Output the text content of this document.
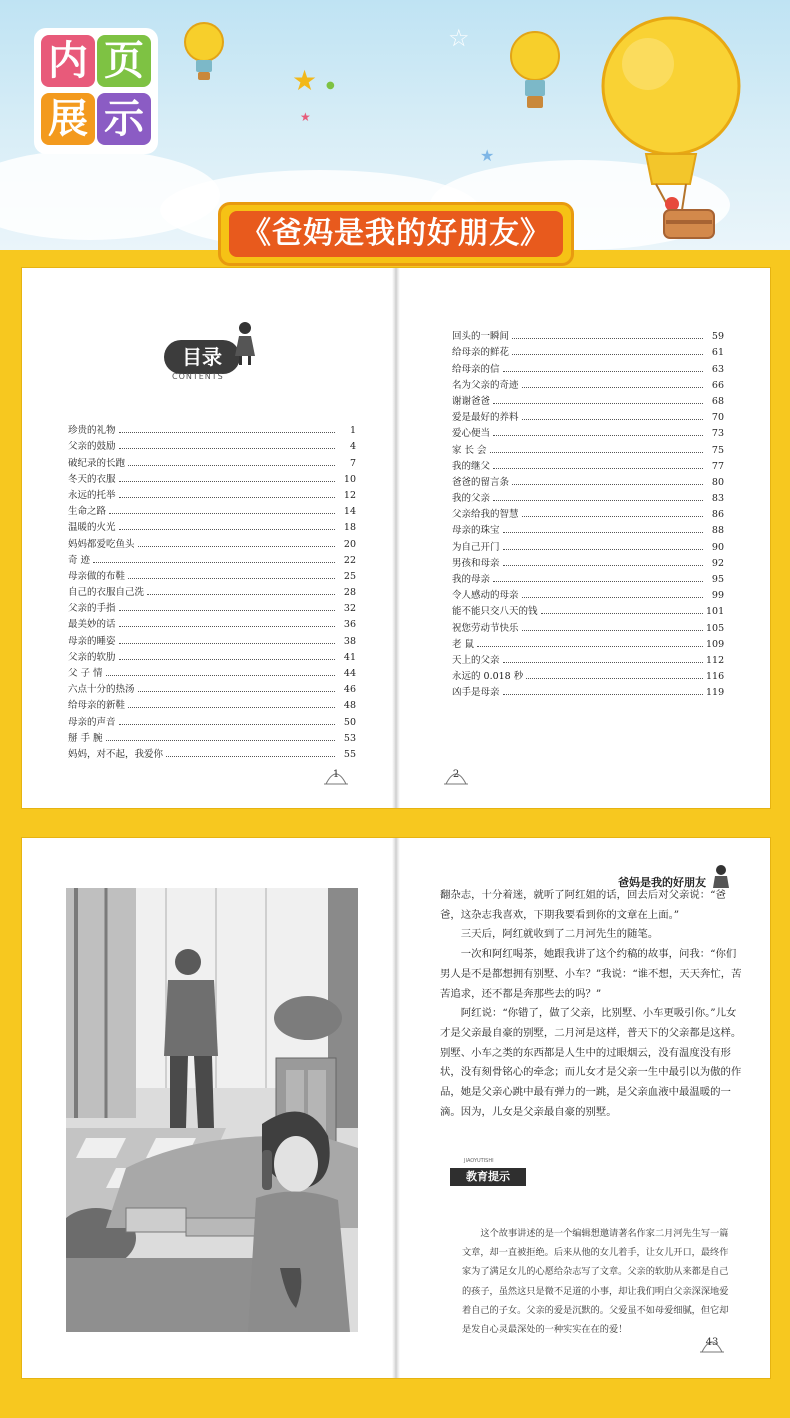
内 页
展 示
★
☆
★
★
●
《爸妈是我的好朋友》
目录
CONTENTS
珍贵的礼物	1
父亲的鼓励	4
破纪录的长跑	7
冬天的衣服	10
永远的托举	12
生命之路	14
温暖的火光	18
妈妈都爱吃鱼头	20
奇 迹	22
母亲做的布鞋	25
自己的衣服自己洗	28
父亲的手指	32
最美妙的话	36
母亲的睡姿	38
父亲的软肋	41
父 子 情	44
六点十分的热汤	46
给母亲的新鞋	48
母亲的声音	50
掰 手 腕	53
妈妈，对不起，我爱你	55
回头的一瞬间	59
给母亲的鲜花	61
给母亲的信	63
名为父亲的奇迹	66
谢谢爸爸	68
爱是最好的养料	70
爱心便当	73
家 长 会	75
我的继父	77
爸爸的留言条	80
我的父亲	83
父亲给我的智慧	86
母亲的珠宝	88
为自己开门	90
男孩和母亲	92
我的母亲	95
令人感动的母亲	99
能不能只交八天的钱	101
祝您劳动节快乐	105
老 鼠	109
天上的父亲	112
永远的 0.018 秒	116
凶手是母亲	119
1	2
爸妈是我的好朋友

翻杂志，十分着迷，就听了阿红姐的话，回去后对父亲说：“爸爸，这杂志我喜欢，下期我要看到你的文章在上面。”

三天后，阿红就收到了二月河先生的随笔。

一次和阿红喝茶，她跟我讲了这个约稿的故事，问我：“你们男人是不是都想拥有别墅、小车？”我说：“谁不想，天天奔忙，苦苦追求，还不都是奔那些去的吗？”

阿红说：“你错了，做了父亲，比别墅、小车更吸引你。”儿女才是父亲最自豪的别墅，二月河是这样，普天下的父亲都是这样。别墅、小车之类的东西都是人生中的过眼烟云，没有温度没有形状，没有刻骨铭心的牵念；而儿女才是父亲一生中最引以为傲的作品，她是父亲心跳中最有弹力的一跳，是父亲血液中最温暖的一滴。因为，儿女是父亲最自豪的别墅。

JIAOYUTISHI
教育提示

这个故事讲述的是一个编辑想邀请著名作家二月河先生写一篇文章，却一直被拒绝。后来从他的女儿着手，让女儿开口，最终作家为了满足女儿的心愿给杂志写了文章。父亲的软肋从来都是自己的孩子，虽然这只是微不足道的小事，却让我们明白父亲深深地爱着自己的子女。父亲的爱是沉默的。父爱虽不如母爱细腻，但它却是发自心灵最深处的一种实实在在的爱！

43
